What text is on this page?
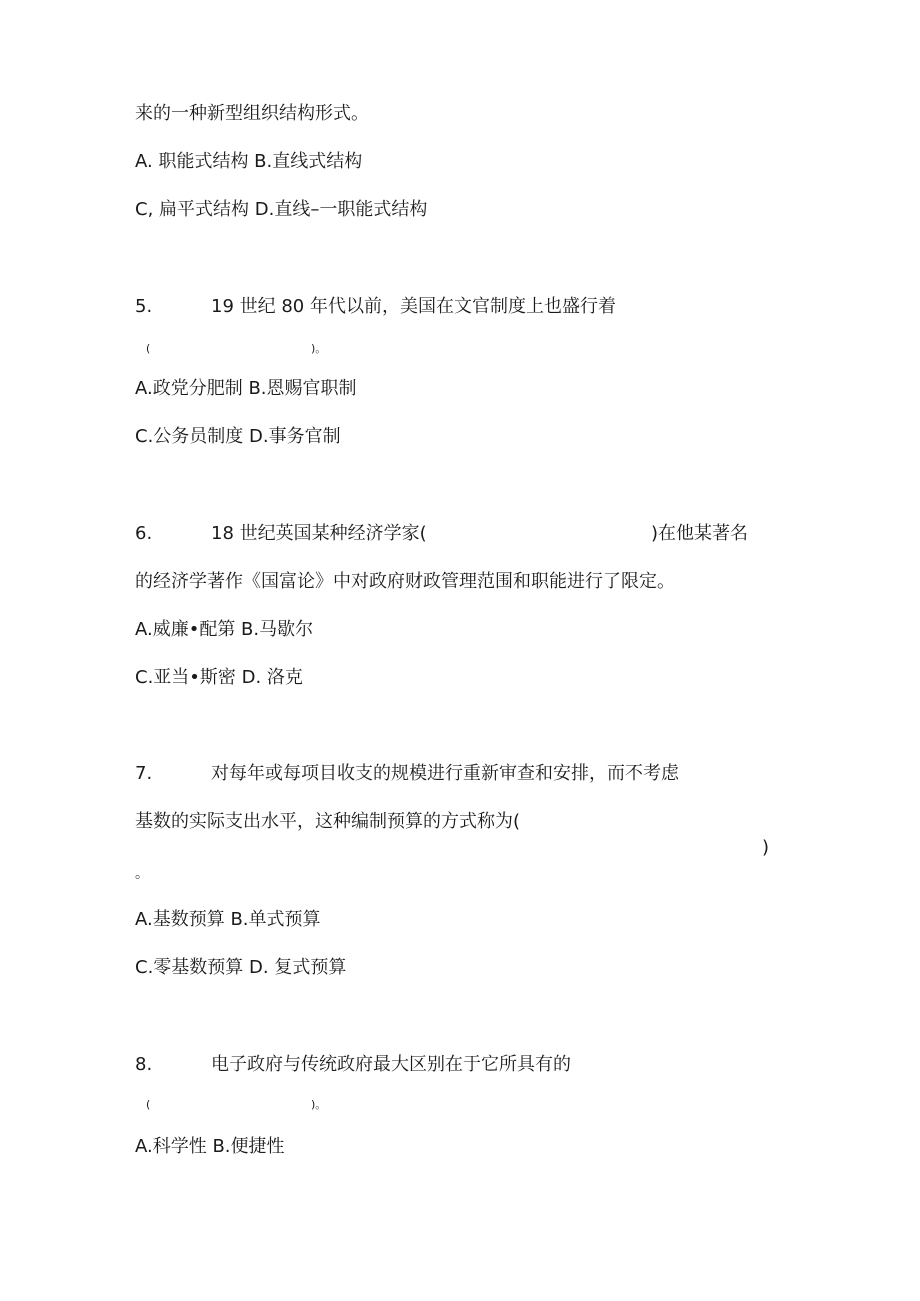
来的一种新型组织结构形式。
A. 职能式结构 B.直线式结构
C, 扁平式结构 D.直线–一职能式结构
5.	19 世纪 80 年代以前，美国在文官制度上也盛行着
(	)。
A.政党分肥制 B.恩赐官职制
C.公务员制度 D.事务官制
6.	18 世纪英国某种经济学家(	)在他某著名
的经济学著作《国富论》中对政府财政管理范围和职能进行了限定。
A.威廉•配第 B.马歇尔
C.亚当•斯密 D. 洛克
7.	对每年或每项目收支的规模进行重新审查和安排，而不考虑
基数的实际支出水平，这种编制预算的方式称为(
)
。
A.基数预算 B.单式预算
C.零基数预算 D. 复式预算
8.	电子政府与传统政府最大区别在于它所具有的
(	)。
A.科学性 B.便捷性
